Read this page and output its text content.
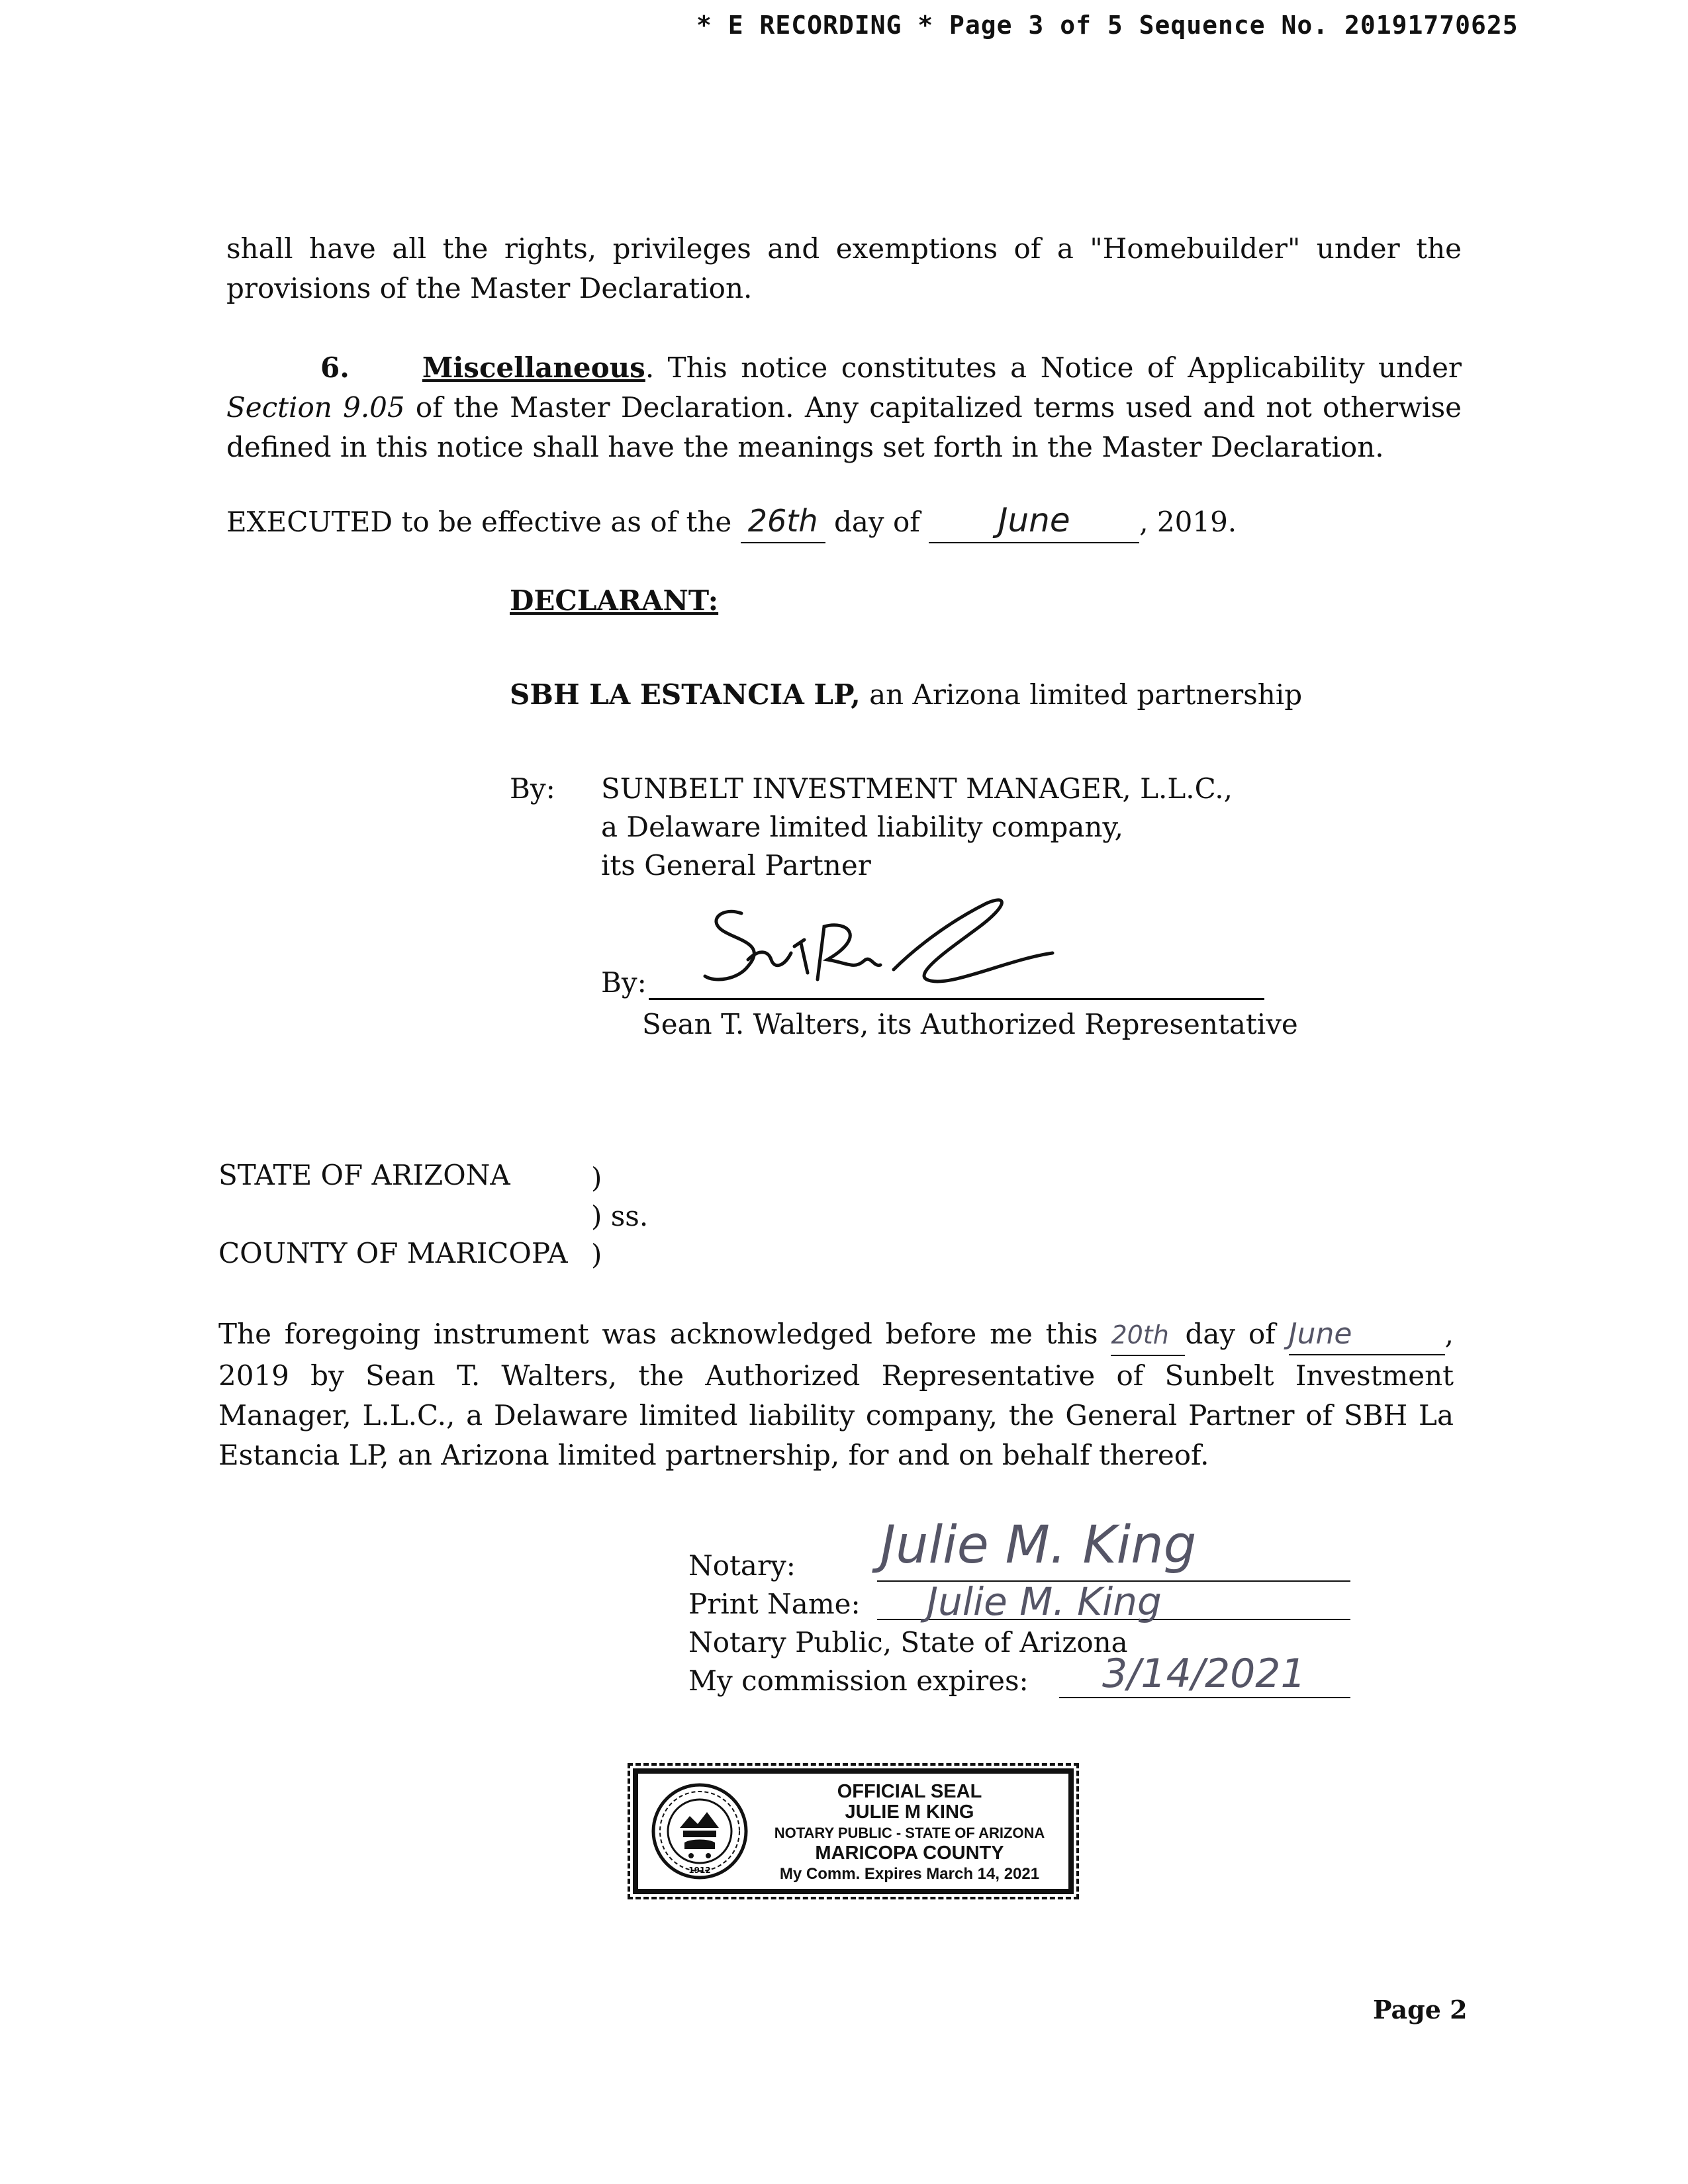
* E RECORDING * Page 3 of 5 Sequence No. 20191770625
shall have all the rights, privileges and exemptions of a "Homebuilder" under the provisions of the Master Declaration.
6.	Miscellaneous. This notice constitutes a Notice of Applicability under Section 9.05 of the Master Declaration. Any capitalized terms used and not otherwise defined in this notice shall have the meanings set forth in the Master Declaration.
EXECUTED to be effective as of the 26th day of June , 2019.
DECLARANT:
SBH LA ESTANCIA LP, an Arizona limited partnership
By: SUNBELT INVESTMENT MANAGER, L.L.C.,
a Delaware limited liability company,
its General Partner
By:
Sean T. Walters, its Authorized Representative
STATE OF ARIZONA
COUNTY OF MARICOPA
)
) ss.
)
The foregoing instrument was acknowledged before me this 20th day of June	, 2019 by Sean T. Walters, the Authorized Representative of Sunbelt Investment Manager, L.L.C., a Delaware limited liability company, the General Partner of SBH La Estancia LP, an Arizona limited partnership, for and on behalf thereof.
Notary: Julie M. King
Print Name: Julie M. King
Notary Public, State of Arizona
My commission expires: 3/14/2021
1912
OFFICIAL SEAL
JULIE M KING
NOTARY PUBLIC - STATE OF ARIZONA
MARICOPA COUNTY
My Comm. Expires March 14, 2021
Page 2
